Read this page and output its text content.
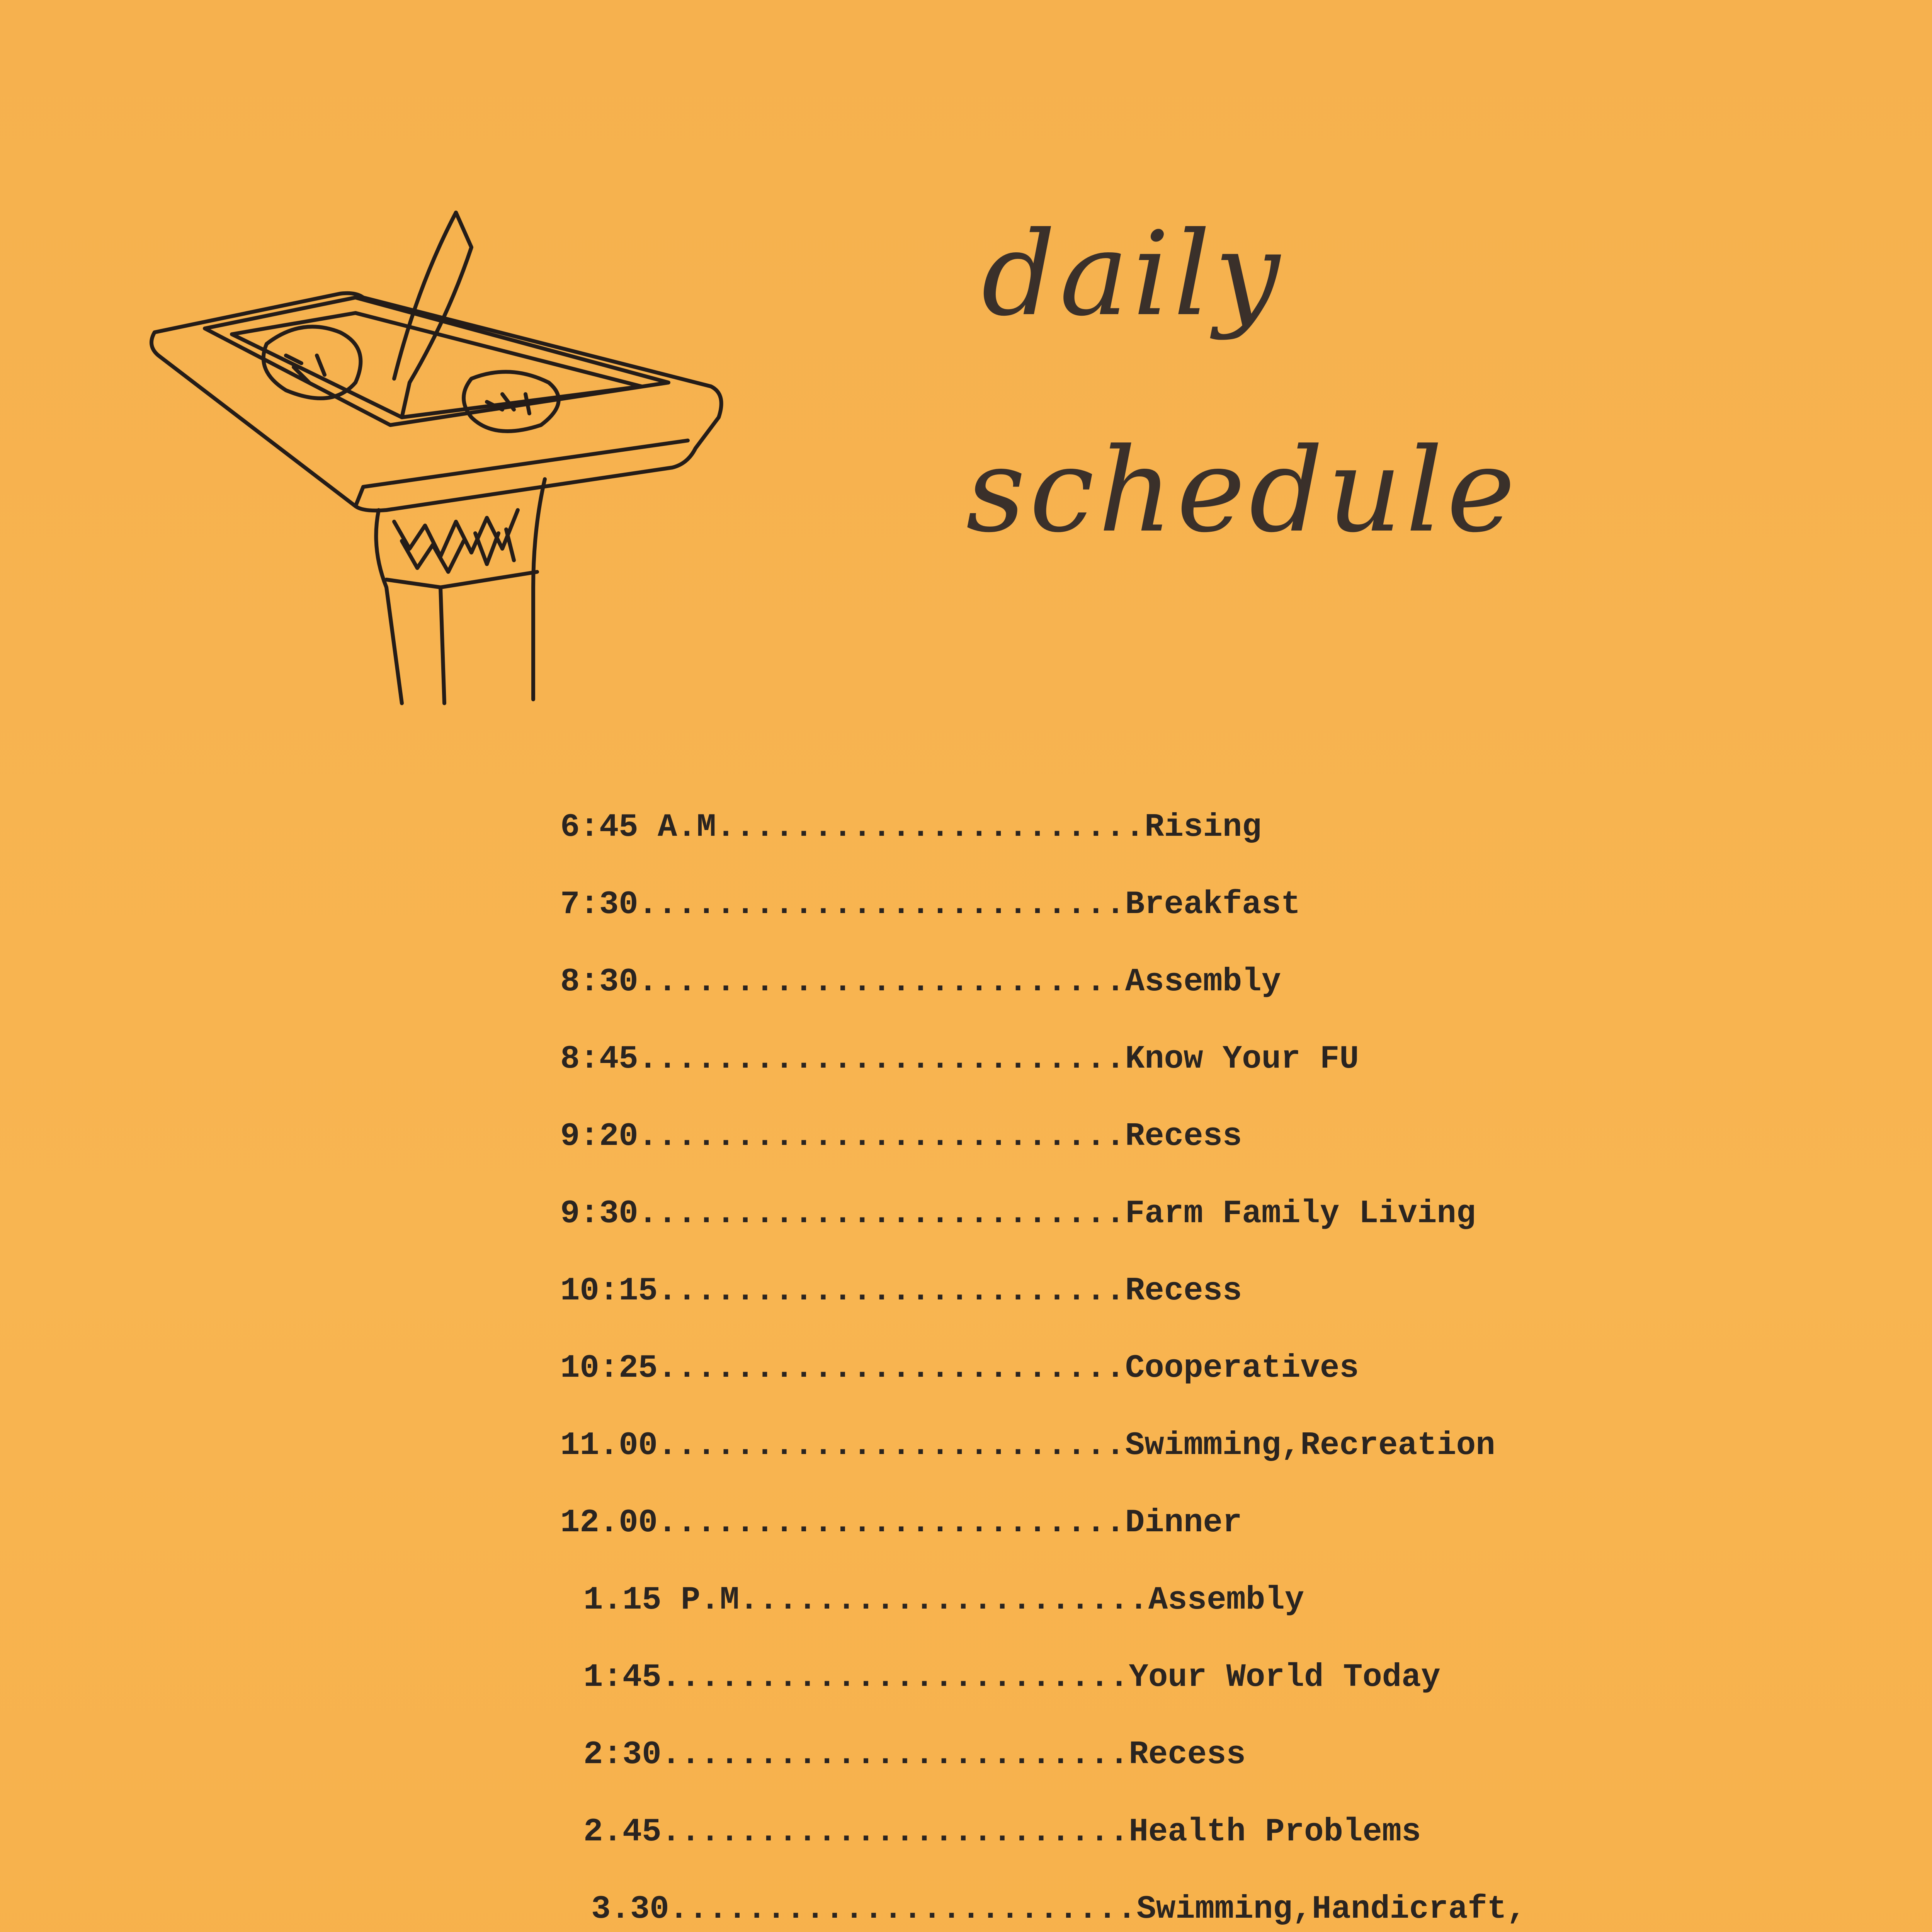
daily
schedule
6:45 A.M......................Rising
7:30.........................Breakfast
8:30.........................Assembly
8:45.........................Know Your FU
9:20.........................Recess
9:30.........................Farm Family Living
10:15........................Recess
10:25........................Cooperatives
11.00........................Swimming,Recreation
12.00........................Dinner
1.15 P.M.....................Assembly
1:45........................Your World Today
2:30........................Recess
2.45........................Health Problems
3.30........................Swimming,Handicraft,
